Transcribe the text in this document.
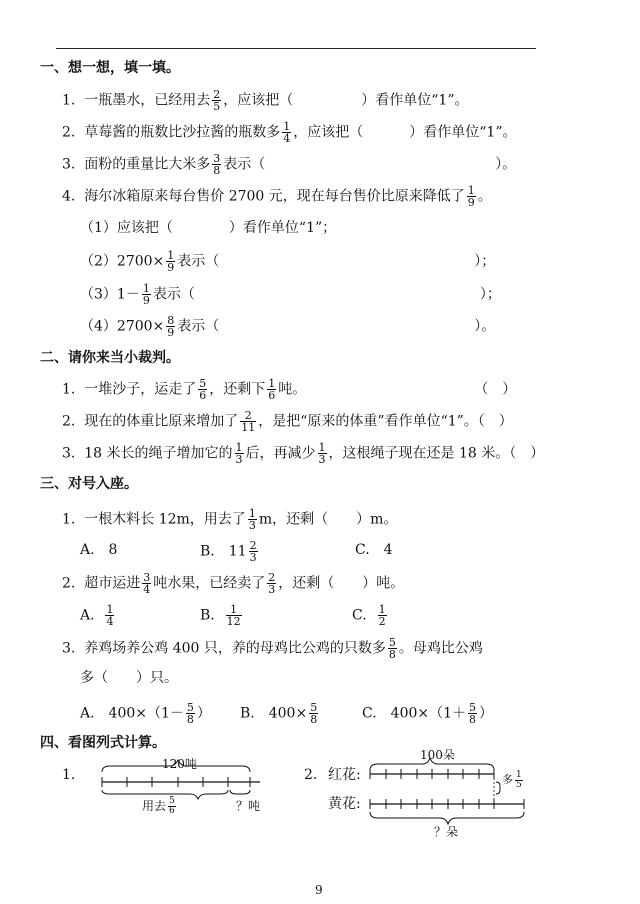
一、想一想，填一填。
1. 一瓶墨水，已经用去 $\frac{2}{5}$ ，应该把（	）看作单位“1”。
2. 草莓酱的瓶数比沙拉酱的瓶数多 $\frac{1}{4}$ ，应该把（	）看作单位“1”。
3. 面粉的重量比大米多 $\frac{3}{8}$ 表示（	）。
4. 海尔冰箱原来每台售价 2700 元，现在每台售价比原来降低了 $\frac{1}{9}$ 。
（1）应该把（	）看作单位“1”；
$(2)2700\times \frac{1}{9}$ 表示（	）；
$(3)1- \frac{1}{9}$ 表示（	）；
$(4)2700\times \frac{8}{9}$ 表示（	）。
二、请你来当小裁判。
1. 一堆沙子，运走了 $\frac{5}{6}$ ，还剩下 $\frac{1}{6}$ 吨。	（　）
2. 现在的体重比原来增加了 $\frac{2}{11}$ ，是把“原来的体重”看作单位“1”。（　）
3. 18 米长的绳子增加它的 $\frac{1}{3}$ 后，再减少 $\frac{1}{3}$ ，这根绳子现在还是 18 米。（　）
三、对号入座。
1. 一根木料长 12m，用去了 $\frac{1}{3}$ m，还剩（　　）m。
A.　8	B.　$11 \frac{2}{3}$	C.　4
2. 超市运进 $\frac{3}{4}$ 吨水果，已经卖了 $\frac{2}{3}$ ，还剩（　　）吨。
A. $\frac{1}{4}$	B. $\frac{1}{12}$	C. $\frac{1}{2}$
3. 养鸡场养公鸡 400 只，养的母鸡比公鸡的只数多 $\frac{5}{8}$ 。母鸡比公鸡
多（　　）只。
A.　$400\times(1- \frac{5}{8}$ ） B.　$400\times \frac{5}{8}$	C.　$400\times(1+ \frac{5}{8}$ ）
四、看图列式计算。
1.
120吨
用去 $\frac{5}{6}$	？吨
2. 红花:
黄花:
100朵
多 $\frac{1}{5}$
？朵
9
